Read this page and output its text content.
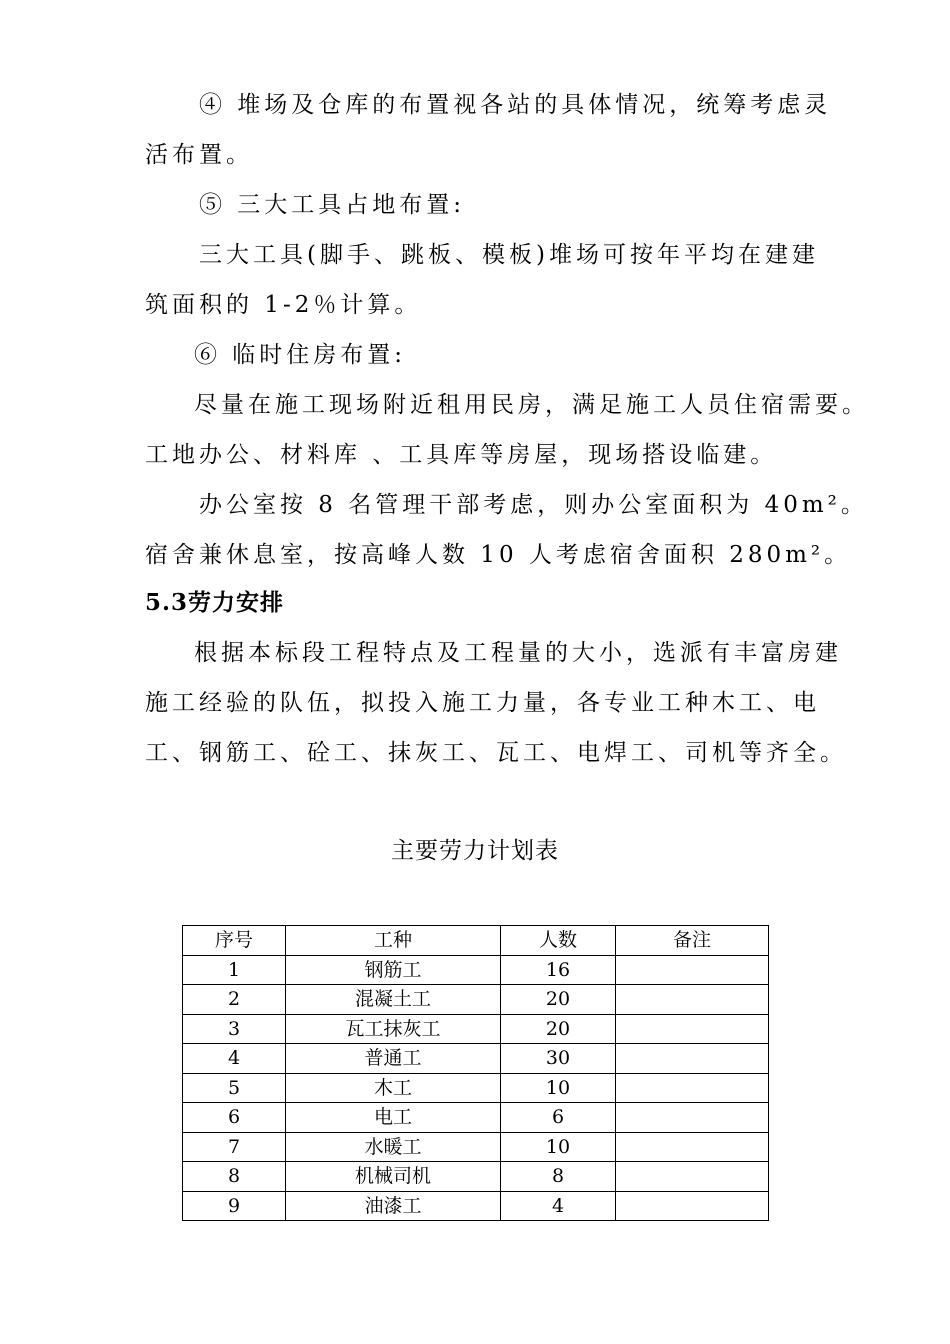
④ 堆场及仓库的布置视各站的具体情况，统筹考虑灵

活布置。

⑤ 三大工具占地布置:

三大工具(脚手、跳板、模板)堆场可按年平均在建建

筑面积的 1-2％计算。

⑥ 临时住房布置:

尽量在施工现场附近租用民房，满足施工人员住宿需要。

工地办公、材料库 、工具库等房屋，现场搭设临建。

办公室按 8 名管理干部考虑，则办公室面积为 40m²。

宿舍兼休息室，按高峰人数 10 人考虑宿舍面积 280m²。

5.3劳力安排

根据本标段工程特点及工程量的大小，选派有丰富房建

施工经验的队伍，拟投入施工力量，各专业工种木工、电

工、钢筋工、砼工、抹灰工、瓦工、电焊工、司机等齐全。

主要劳力计划表

序号	工种	人数	备注
1	钢筋工	16	
2	混凝土工	20	
3	瓦工抹灰工	20	
4	普通工	30	
5	木工	10	
6	电工	6	
7	水暖工	10	
8	机械司机	8	
9	油漆工	4	
